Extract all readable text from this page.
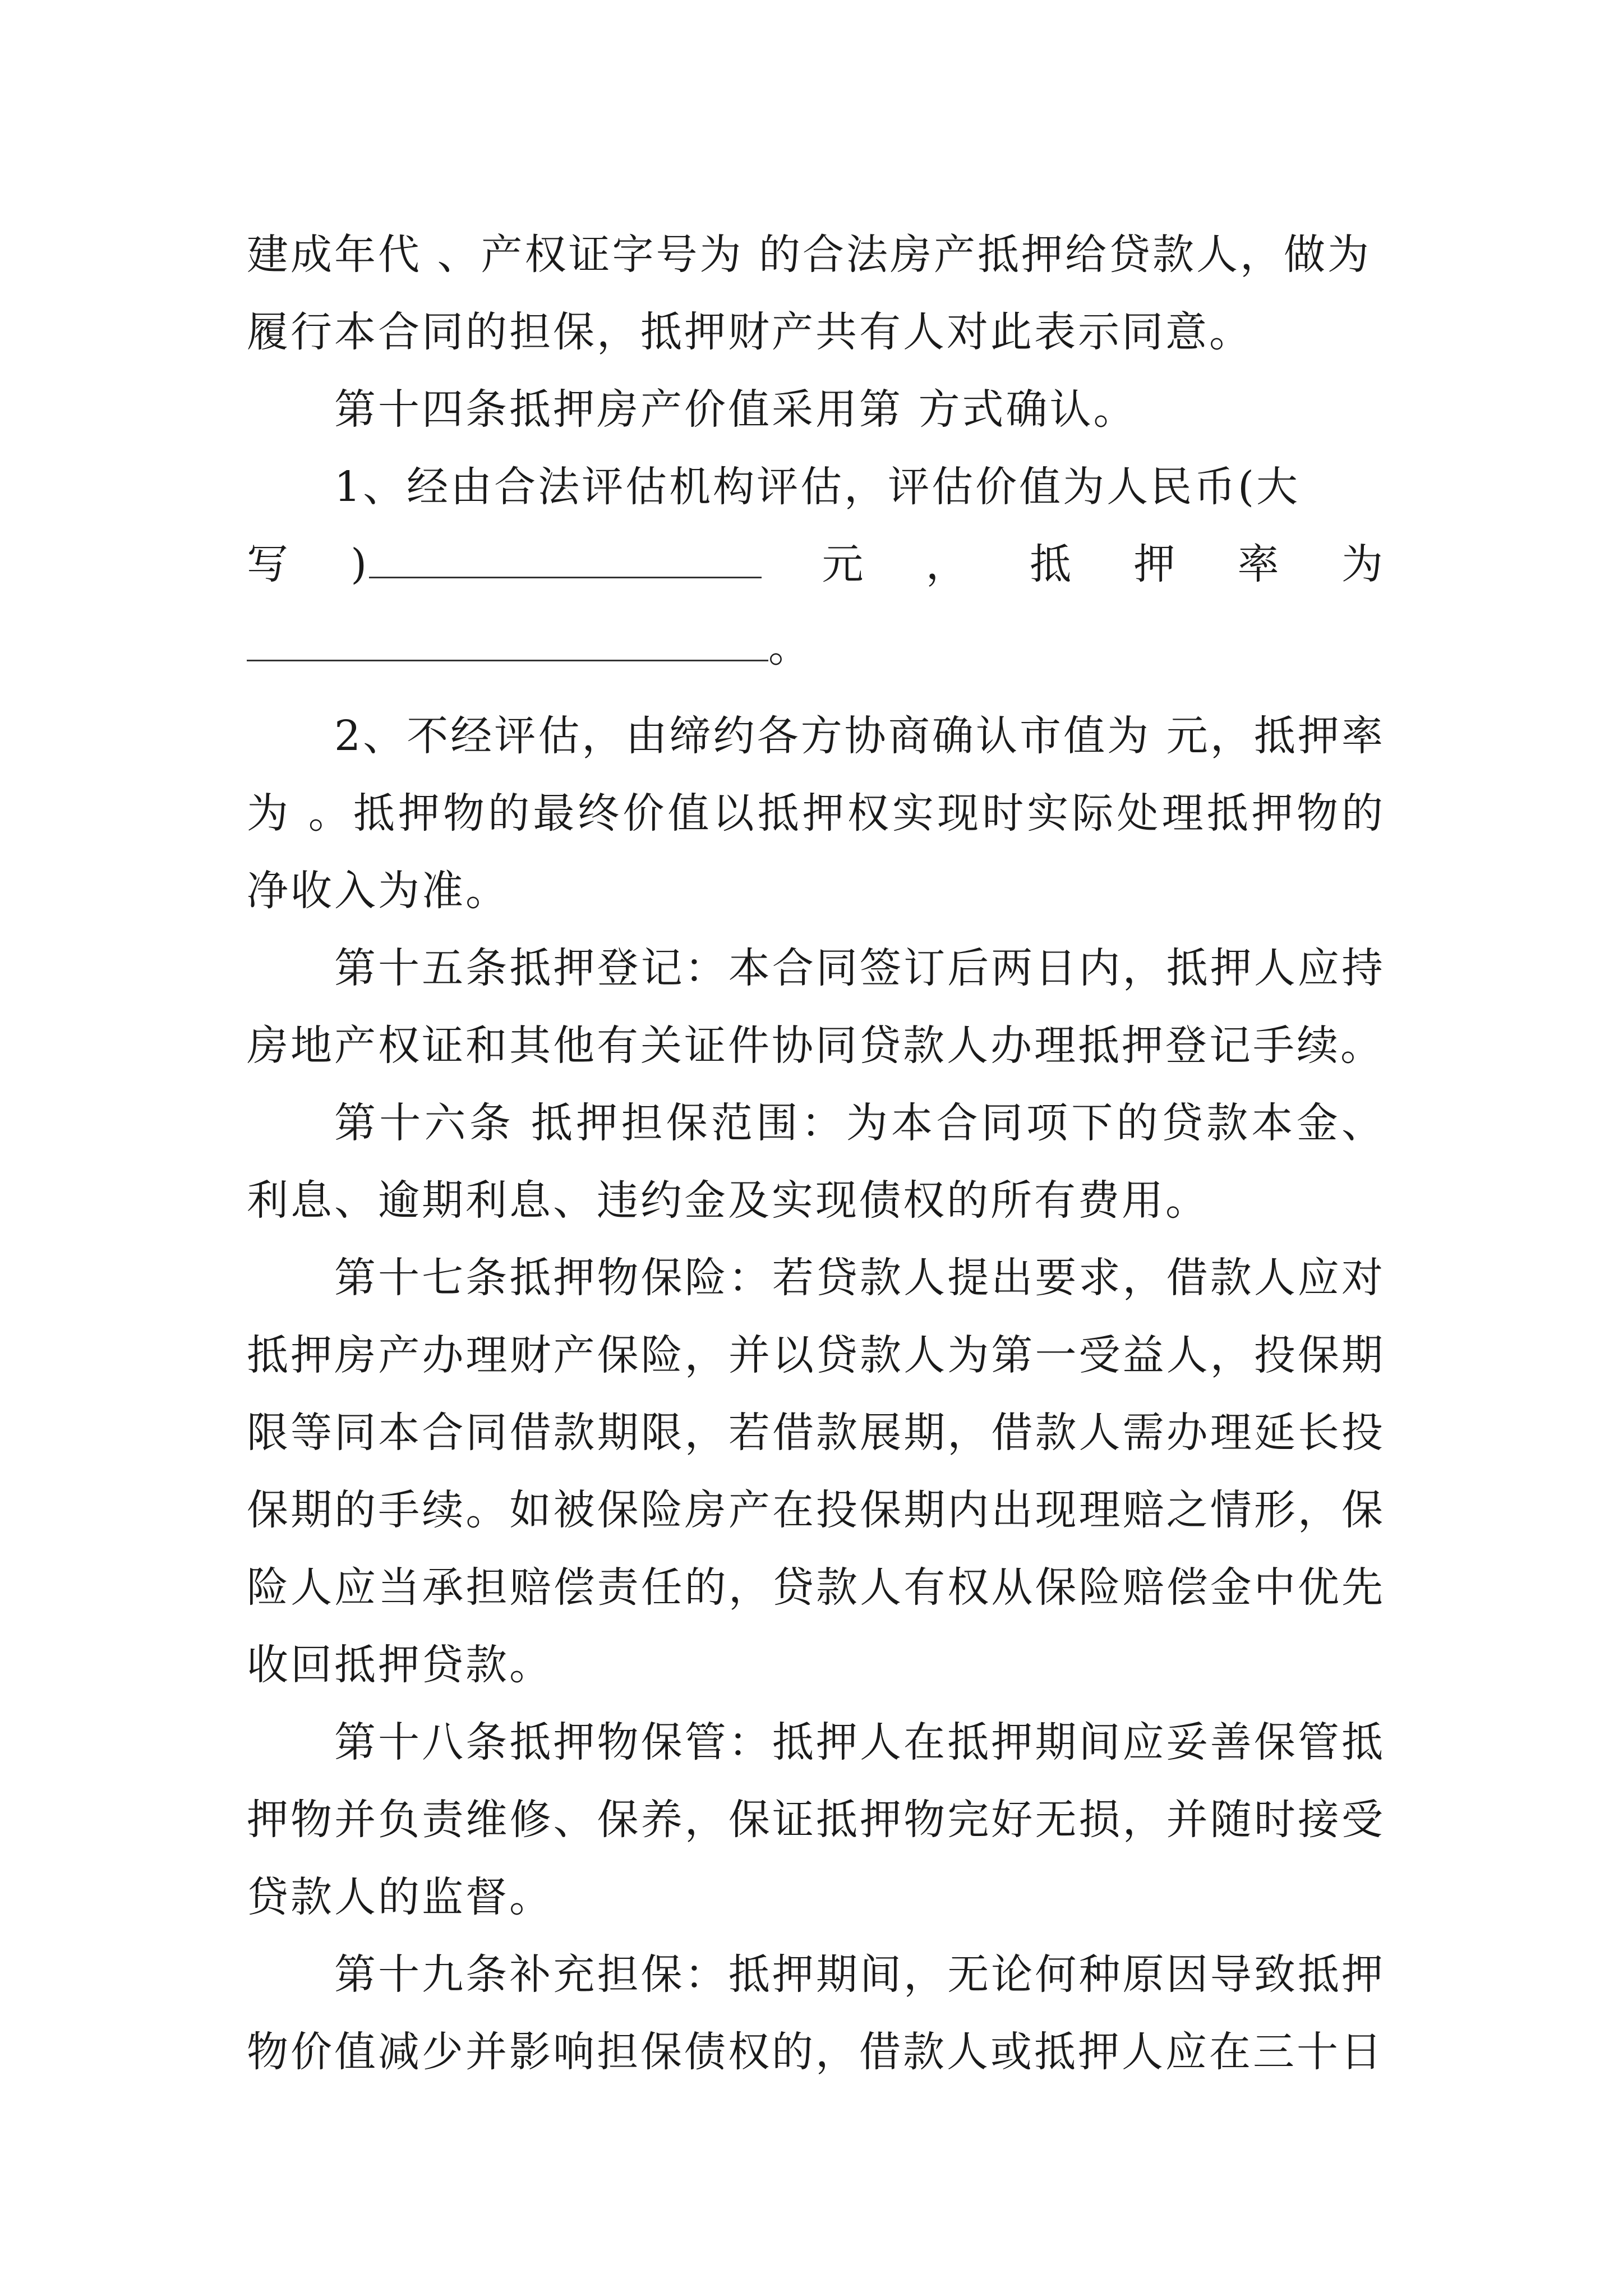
建成年代 、产权证字号为 的合法房产抵押给贷款人，做为
履行本合同的担保，抵押财产共有人对此表示同意。

第十四条抵押房产价值采用第 方式确认。

1、经由合法评估机构评估，评估价值为人民币(大

写 )	元 ， 抵 押 率 为
。

2、不经评估，由缔约各方协商确认市值为 元，抵押率为 。抵押物的最终价值以抵押权实现时实际处理抵押物的净收入为准。

第十五条抵押登记：本合同签订后两日内，抵押人应持房地产权证和其他有关证件协同贷款人办理抵押登记手续。

第十六条 抵押担保范围：为本合同项下的贷款本金、利息、逾期利息、违约金及实现债权的所有费用。

第十七条抵押物保险：若贷款人提出要求，借款人应对抵押房产办理财产保险，并以贷款人为第一受益人，投保期限等同本合同借款期限，若借款展期，借款人需办理延长投保期的手续。如被保险房产在投保期内出现理赔之情形，保险人应当承担赔偿责任的，贷款人有权从保险赔偿金中优先收回抵押贷款。

第十八条抵押物保管：抵押人在抵押期间应妥善保管抵押物并负责维修、保养，保证抵押物完好无损，并随时接受贷款人的监督。

第十九条补充担保：抵押期间，无论何种原因导致抵押物价值减少并影响担保债权的，借款人或抵押人应在三十日
